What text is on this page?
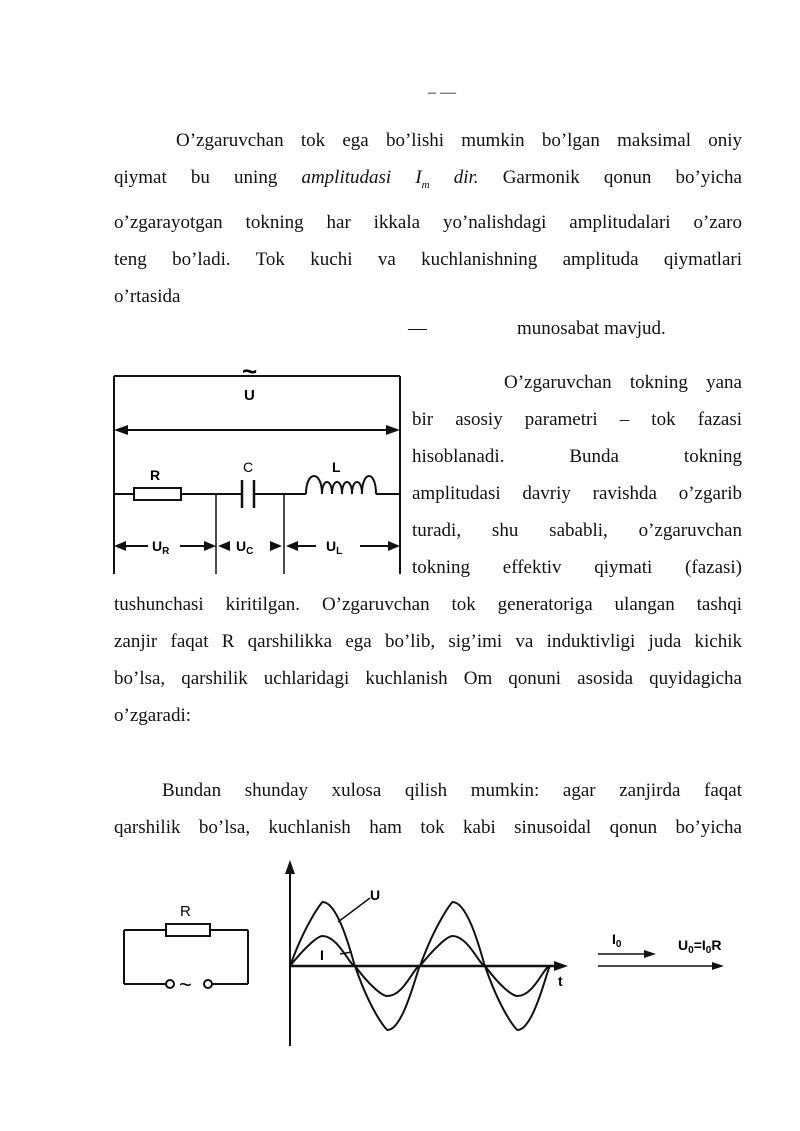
– —
O’zgaruvchan tok ega bo’lishi mumkin bo’lgan maksimal oniy
qiymat bu uning amplitudasi $I_m$ dir. Garmonik qonun bo’yicha
o’zgarayotgan tokning har ikkala yo’nalishdagi amplitudalari o’zaro
teng bo’ladi. Tok kuchi va kuchlanishning amplituda qiymatlari
o’rtasida
—	munosabat mavjud.
~
U
R	C	L
$U_R$	$U_C$	$U_L$
O’zgaruvchan tokning yana
bir asosiy parametri – tok fazasi
hisoblanadi. Bunda tokning
amplitudasi davriy ravishda o’zgarib
turadi, shu sababli, o’zgaruvchan
tokning effektiv qiymati (fazasi)
tushunchasi kiritilgan. O’zgaruvchan tok generatoriga ulangan tashqi
zanjir faqat R qarshilikka ega bo’lib, sig’imi va induktivligi juda kichik
bo’lsa, qarshilik uchlaridagi kuchlanish Om qonuni asosida quyidagicha
o’zgaradi:
Bundan shunday xulosa qilish mumkin: agar zanjirda faqat
qarshilik bo’lsa, kuchlanish ham tok kabi sinusoidal qonun bo’yicha
R
~
U
I
t
$I_0$	$U_0=I_0R$
